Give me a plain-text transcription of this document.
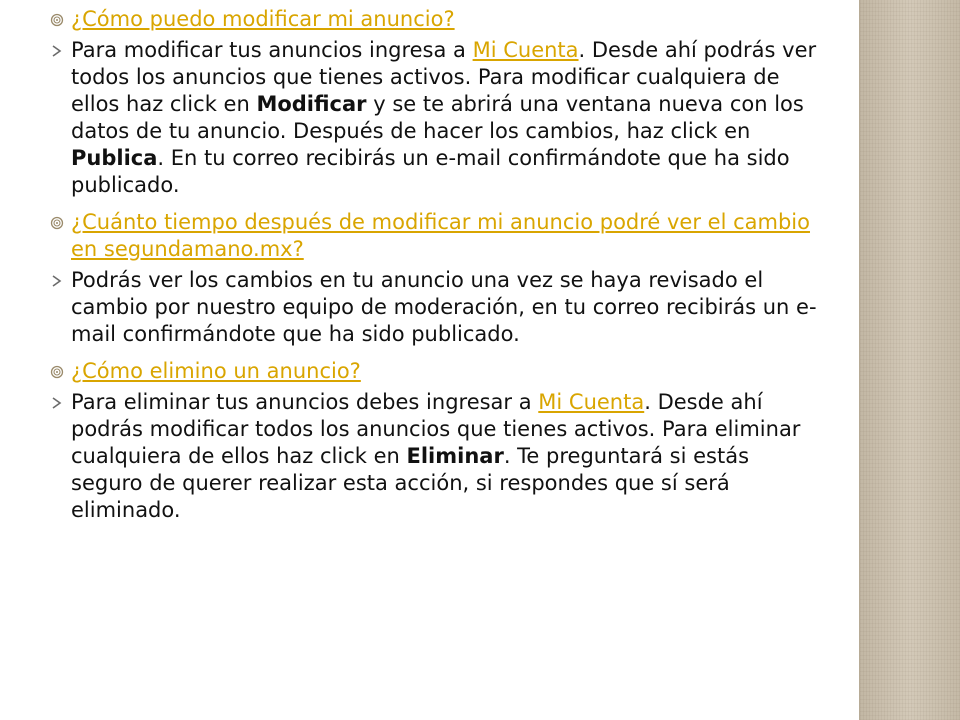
¿Cómo puedo modificar mi anuncio?

Para modificar tus anuncios ingresa a Mi Cuenta. Desde ahí podrás ver todos los anuncios que tienes activos. Para modificar cualquiera de ellos haz click en Modificar y se te abrirá una ventana nueva con los datos de tu anuncio. Después de hacer los cambios, haz click en Publica. En tu correo recibirás un e-mail confirmándote que ha sido publicado.

¿Cuánto tiempo después de modificar mi anuncio podré ver el cambio en segundamano.mx?

Podrás ver los cambios en tu anuncio una vez se haya revisado el cambio por nuestro equipo de moderación, en tu correo recibirás un e-mail confirmándote que ha sido publicado.

¿Cómo elimino un anuncio?

Para eliminar tus anuncios debes ingresar a Mi Cuenta. Desde ahí podrás modificar todos los anuncios que tienes activos. Para eliminar cualquiera de ellos haz click en Eliminar. Te preguntará si estás seguro de querer realizar esta acción, si respondes que sí será eliminado.
